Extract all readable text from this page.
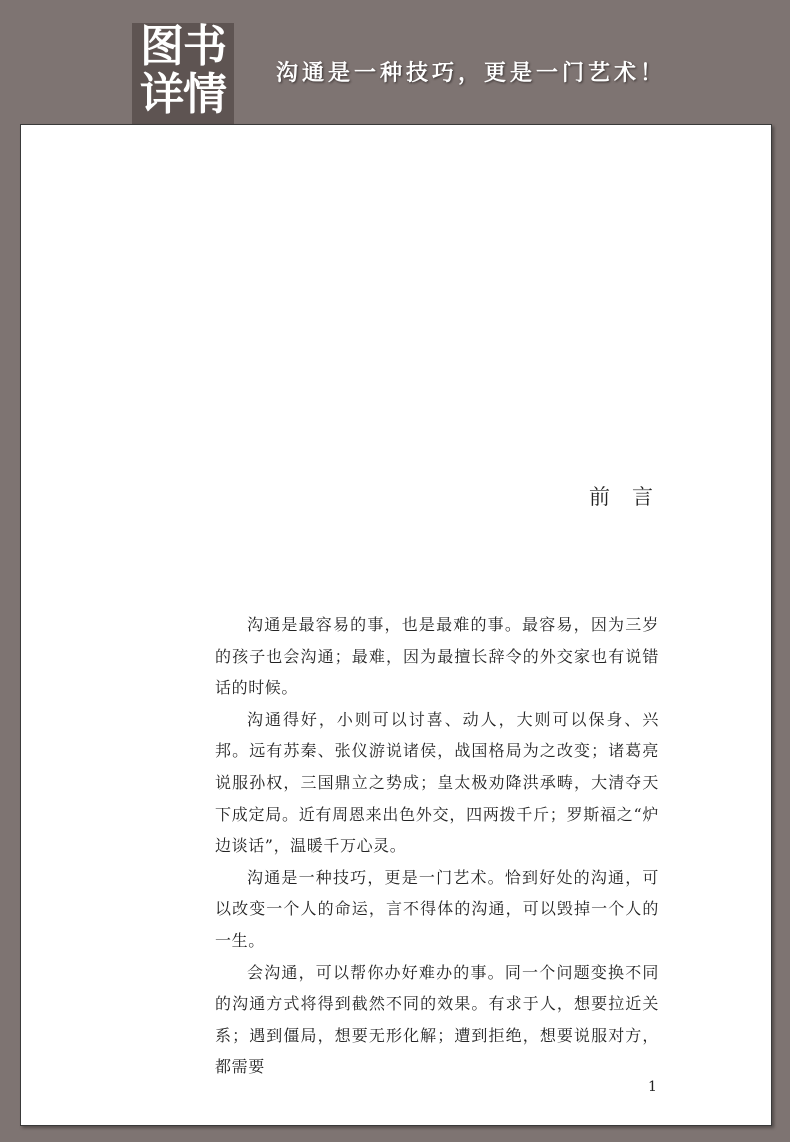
图书
详情	沟通是一种技巧，更是一门艺术！
前言

沟通是最容易的事，也是最难的事。最容易，因为三岁的孩子也会沟通；最难，因为最擅长辞令的外交家也有说错话的时候。

沟通得好，小则可以讨喜、动人，大则可以保身、兴邦。远有苏秦、张仪游说诸侯，战国格局为之改变；诸葛亮说服孙权，三国鼎立之势成；皇太极劝降洪承畴，大清夺天下成定局。近有周恩来出色外交，四两拨千斤；罗斯福之“炉边谈话”，温暖千万心灵。

沟通是一种技巧，更是一门艺术。恰到好处的沟通，可以改变一个人的命运，言不得体的沟通，可以毁掉一个人的一生。

会沟通，可以帮你办好难办的事。同一个问题变换不同的沟通方式将得到截然不同的效果。有求于人，想要拉近关系；遇到僵局，想要无形化解；遭到拒绝，想要说服对方，都需要

1
